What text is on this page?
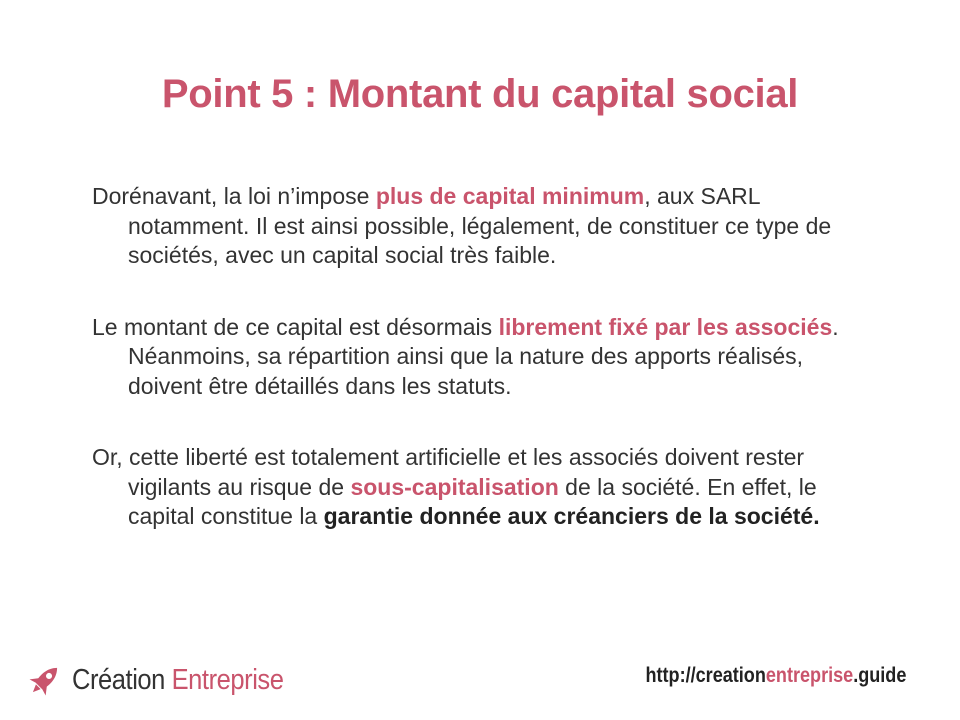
Point 5 : Montant du capital social

Dorénavant, la loi n’impose plus de capital minimum, aux SARL notamment. Il est ainsi possible, légalement, de constituer ce type de sociétés, avec un capital social très faible.

Le montant de ce capital est désormais librement fixé par les associés. Néanmoins, sa répartition ainsi que la nature des apports réalisés, doivent être détaillés dans les statuts.

Or, cette liberté est totalement artificielle et les associés doivent rester vigilants au risque de sous-capitalisation de la société. En effet, le capital constitue la garantie donnée aux créanciers de la société.

Création Entreprise	http://creationentreprise.guide
